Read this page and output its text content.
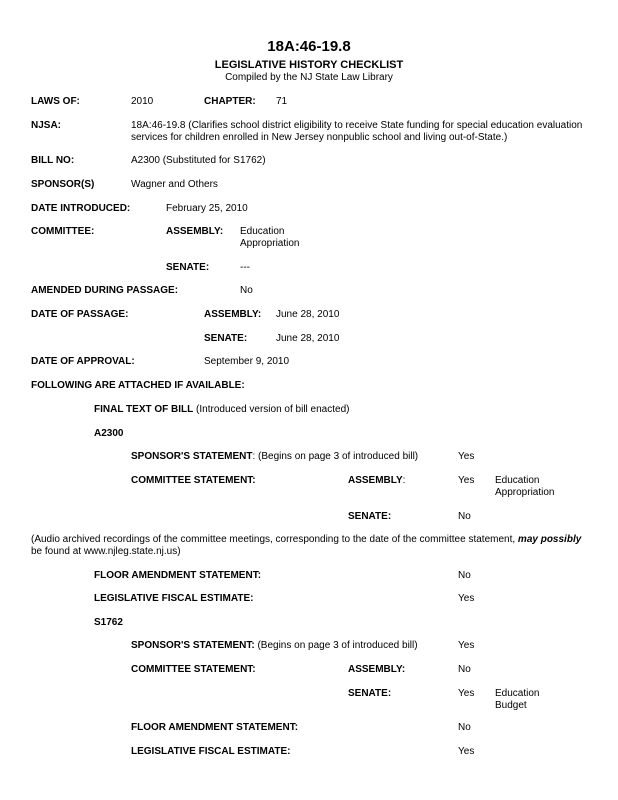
18A:46-19.8
LEGISLATIVE HISTORY CHECKLIST
Compiled by the NJ State Law Library
LAWS OF:	2010	CHAPTER: 71
NJSA:	18A:46-19.8 (Clarifies school district eligibility to receive State funding for special education evaluation
services for children enrolled in New Jersey nonpublic school and living out-of-State.)
BILL NO:	A2300 (Substituted for S1762)
SPONSOR(S)	Wagner and Others
DATE INTRODUCED:	February 25, 2010
COMMITTEE:	ASSEMBLY: Education
Appropriation
SENATE:	---
AMENDED DURING PASSAGE:	No
DATE OF PASSAGE:	ASSEMBLY: June 28, 2010
SENATE:	June 28, 2010
DATE OF APPROVAL:	September 9, 2010
FOLLOWING ARE ATTACHED IF AVAILABLE:
FINAL TEXT OF BILL (Introduced version of bill enacted)
A2300
SPONSOR'S STATEMENT: (Begins on page 3 of introduced bill)	Yes
COMMITTEE STATEMENT:	ASSEMBLY:	Yes Education
Appropriation
SENATE:	No
(Audio archived recordings of the committee meetings, corresponding to the date of the committee statement, may possibly
be found at www.njleg.state.nj.us)
FLOOR AMENDMENT STATEMENT:	No
LEGISLATIVE FISCAL ESTIMATE:	Yes
S1762
SPONSOR'S STATEMENT: (Begins on page 3 of introduced bill)	Yes
COMMITTEE STATEMENT:	ASSEMBLY:	No
SENATE:	Yes Education
Budget
FLOOR AMENDMENT STATEMENT:	No
LEGISLATIVE FISCAL ESTIMATE:	Yes
